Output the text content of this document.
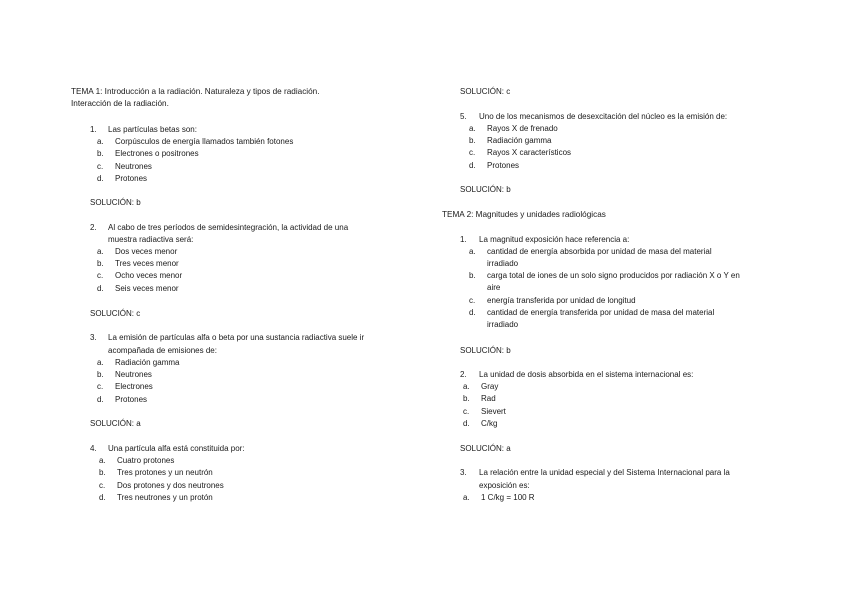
TEMA 1: Introducción a la radiación. Naturaleza y tipos de radiación.
Interacción de la radiación.
1. Las partículas betas son:
a. Corpúsculos de energía llamados también fotones
b. Electrones o positrones
c. Neutrones
d. Protones
SOLUCIÓN: b
2. Al cabo de tres períodos de semidesintegración, la actividad de una
muestra radiactiva será:
a. Dos veces menor
b. Tres veces menor
c. Ocho veces menor
d. Seis veces menor
SOLUCIÓN: c
3. La emisión de partículas alfa o beta por una sustancia radiactiva suele ir
acompañada de emisiones de:
a. Radiación gamma
b. Neutrones
c. Electrones
d. Protones
SOLUCIÓN: a
4. Una partícula alfa está constituida por:
a. Cuatro protones
b. Tres protones y un neutrón
c. Dos protones y dos neutrones
d. Tres neutrones y un protón
SOLUCIÓN: c
5. Uno de los mecanismos de desexcitación del núcleo es la emisión de:
a. Rayos X de frenado
b. Radiación gamma
c. Rayos X característicos
d. Protones
SOLUCIÓN: b
TEMA 2: Magnitudes y unidades radiológicas
1. La magnitud exposición hace referencia a:
a. cantidad de energía absorbida por unidad de masa del material
irradiado
b. carga total de iones de un solo signo producidos por radiación X o Y en
aire
c. energía transferida por unidad de longitud
d. cantidad de energía transferida por unidad de masa del material
irradiado
SOLUCIÓN: b
2. La unidad de dosis absorbida en el sistema internacional es:
a. Gray
b. Rad
c. Sievert
d. C/kg
SOLUCIÓN: a
3. La relación entre la unidad especial y del Sistema Internacional para la
exposición es:
a. 1 C/kg = 100 R
